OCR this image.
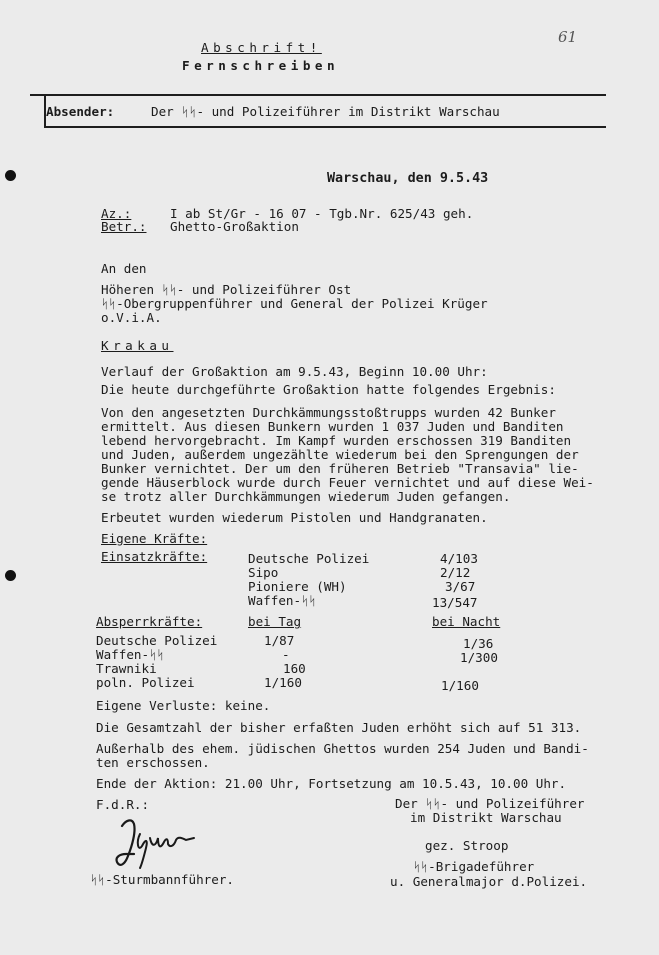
61
Abschrift!
Fernschreiben
Absender:	Der ᛋᛋ- und Polizeiführer im Distrikt Warschau
Warschau, den 9.5.43
Az.:	I ab St/Gr - 16 07 - Tgb.Nr. 625/43 geh.
Betr.: Ghetto-Großaktion
An den
Höheren ᛋᛋ- und Polizeiführer Ost
ᛋᛋ-Obergruppenführer und General der Polizei Krüger
o.V.i.A.
Krakau
Verlauf der Großaktion am 9.5.43, Beginn 10.00 Uhr:
Die heute durchgeführte Großaktion hatte folgendes Ergebnis:
Von den angesetzten Durchkämmungsstoßtrupps wurden 42 Bunker
ermittelt. Aus diesen Bunkern wurden 1 037 Juden und Banditen
lebend hervorgebracht. Im Kampf wurden erschossen 319 Banditen
und Juden, außerdem ungezählte wiederum bei den Sprengungen der
Bunker vernichtet. Der um den früheren Betrieb "Transavia" lie-
gende Häuserblock wurde durch Feuer vernichtet und auf diese Wei-
se trotz aller Durchkämmungen wiederum Juden gefangen.
Erbeutet wurden wiederum Pistolen und Handgranaten.
Eigene Kräfte:
Einsatzkräfte:	Deutsche Polizei	4/103
Sipo	2/12
Pioniere (WH)	3/67
Waffen-ᛋᛋ	13/547
Absperrkräfte:	bei Tag	bei Nacht
Deutsche Polizei	1/87	1/36
Waffen-ᛋᛋ	-	1/300
Trawniki	160
poln. Polizei	1/160	1/160
Eigene Verluste: keine.
Die Gesamtzahl der bisher erfaßten Juden erhöht sich auf 51 313.
Außerhalb des ehem. jüdischen Ghettos wurden 254 Juden und Bandi-
ten erschossen.
Ende der Aktion: 21.00 Uhr, Fortsetzung am 10.5.43, 10.00 Uhr.
F.d.R.:
ᛋᛋ-Sturmbannführer.
Der ᛋᛋ- und Polizeiführer
im Distrikt Warschau
gez. Stroop
ᛋᛋ-Brigadeführer
u. Generalmajor d.Polizei.
